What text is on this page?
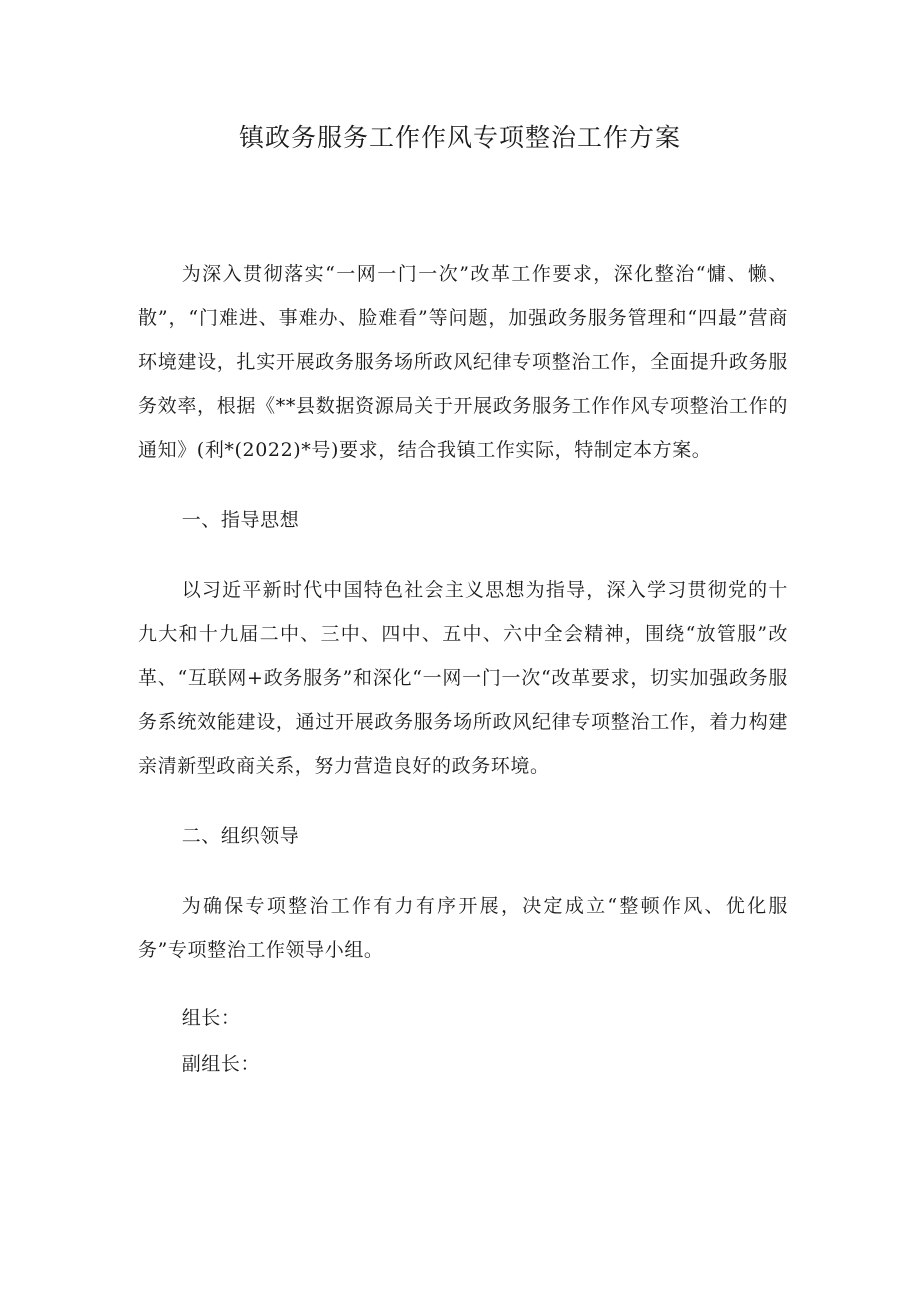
镇政务服务工作作风专项整治工作方案

为深入贯彻落实“一网一门一次”改革工作要求，深化整治“慵、懒、散”，“门难进、事难办、脸难看”等问题，加强政务服务管理和“四最”营商环境建设，扎实开展政务服务场所政风纪律专项整治工作，全面提升政务服务效率，根据《**县数据资源局关于开展政务服务工作作风专项整治工作的通知》(利*(2022)*号)要求，结合我镇工作实际，特制定本方案。

一、指导思想

以习近平新时代中国特色社会主义思想为指导，深入学习贯彻党的十九大和十九届二中、三中、四中、五中、六中全会精神，围绕“放管服”改革、“互联网+政务服务”和深化“一网一门一次“改革要求，切实加强政务服务系统效能建设，通过开展政务服务场所政风纪律专项整治工作，着力构建亲清新型政商关系，努力营造良好的政务环境。

二、组织领导

为确保专项整治工作有力有序开展，决定成立“整顿作风、优化服务”专项整治工作领导小组。

组长：

副组长：
